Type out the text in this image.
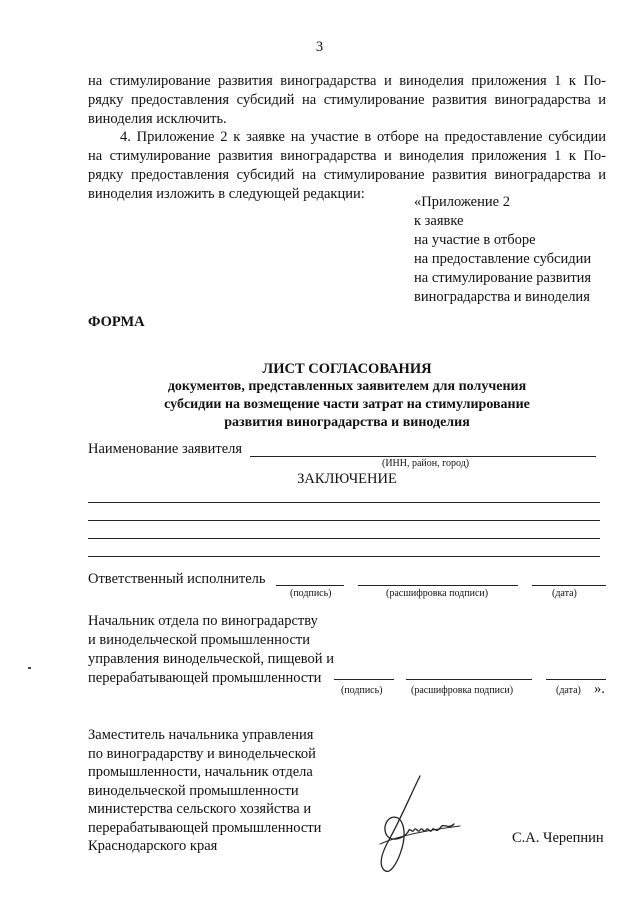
3
на стимулирование развития виноградарства и виноделия приложения 1 к По-
рядку предоставления субсидий на стимулирование развития виноградарства и
виноделия исключить.
4. Приложение 2 к заявке на участие в отборе на предоставление субсидии
на стимулирование развития виноградарства и виноделия приложения 1 к По-
рядку предоставления субсидий на стимулирование развития виноградарства и
виноделия изложить в следующей редакции:	«Приложение 2
к заявке
на участие в отборе
на предоставление субсидии
на стимулирование развития
виноградарства и виноделия
ФОРМА
ЛИСТ СОГЛАСОВАНИЯ
документов, представленных заявителем для получения
субсидии на возмещение части затрат на стимулирование
развития виноградарства и виноделия
Наименование заявителя
(ИНН, район, город)
ЗАКЛЮЧЕНИЕ
Ответственный исполнитель
(подпись)	(расшифровка подписи)	(дата)
Начальник отдела по виноградарству
и винодельческой промышленности
управления винодельческой, пищевой и
перерабатывающей промышленности
(подпись)	(расшифровка подписи)	(дата) ».
Заместитель начальника управления
по виноградарству и винодельческой
промышленности, начальник отдела
винодельческой промышленности
министерства сельского хозяйства и
перерабатывающей промышленности
Краснодарского края	С.А. Черепнин
